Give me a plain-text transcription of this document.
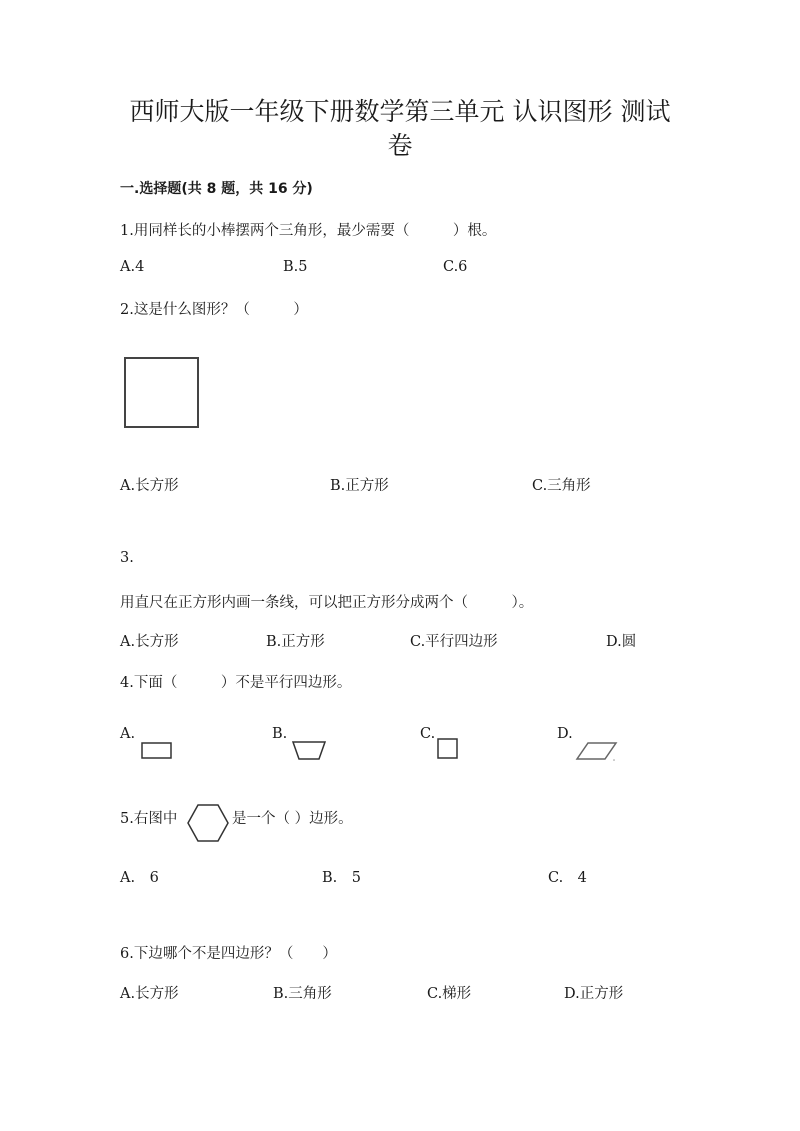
西师大版一年级下册数学第三单元 认识图形 测试
卷
一.选择题(共 8 题，共 16 分)
1.用同样长的小棒摆两个三角形，最少需要（　　　）根。
A.4	B.5	C.6
2.这是什么图形？（　　　）
A.长方形	B.正方形	C.三角形
3.
用直尺在正方形内画一条线，可以把正方形分成两个（　　　）。
A.长方形	B.正方形	C.平行四边形	D.圆
4.下面（　　　）不是平行四边形。
A.	B.	C.	D.
5.右图中	是一个（ ）边形。
A.　6	B.　5	C.　4
6.下边哪个不是四边形？（　　）
A.长方形	B.三角形	C.梯形	D.正方形
